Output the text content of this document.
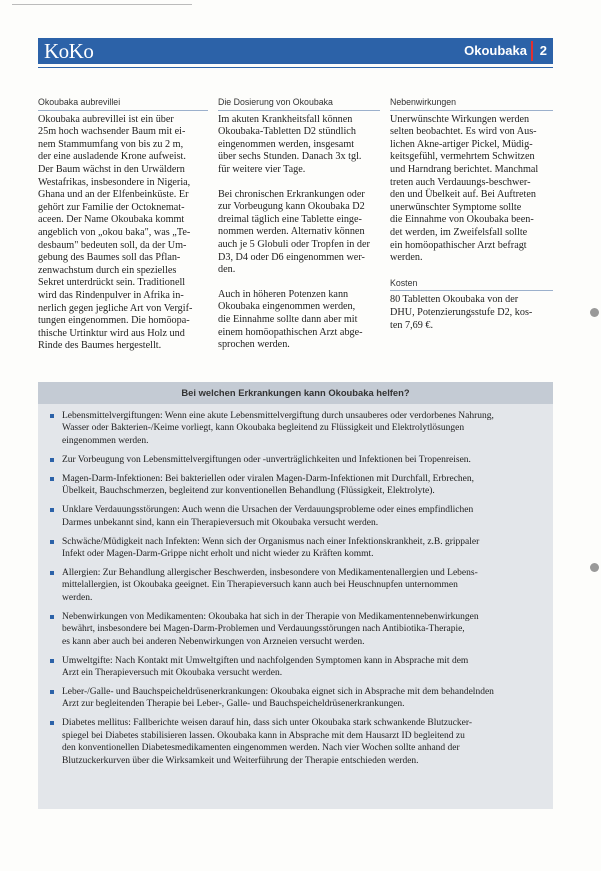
KoKo	Okoubaka 2
Okoubaka aubrevillei

Okoubaka aubrevillei ist ein über

25m hoch wachsender Baum mit ei-

nem Stammumfang von bis zu 2 m,

der eine ausladende Krone aufweist.

Der Baum wächst in den Urwäldern

Westafrikas, insbesondere in Nigeria,

Ghana und an der Elfenbeinküste. Er

gehört zur Familie der Octoknemat-

aceen. Der Name Okoubaka kommt

angeblich von „okou baka", was „Te-

desbaum" bedeuten soll, da der Um-

gebung des Baumes soll das Pflan-

zenwachstum durch ein spezielles

Sekret unterdrückt sein. Traditionell

wird das Rindenpulver in Afrika in-

nerlich gegen jegliche Art von Vergif-

tungen eingenommen. Die homöopa-

thische Urtinktur wird aus Holz und

Rinde des Baumes hergestellt.

Die Dosierung von Okoubaka

Im akuten Krankheitsfall können

Okoubaka-Tabletten D2 stündlich

eingenommen werden, insgesamt

über sechs Stunden. Danach 3x tgl.

für weitere vier Tage.

Bei chronischen Erkrankungen oder

zur Vorbeugung kann Okoubaka D2

dreimal täglich eine Tablette einge-

nommen werden. Alternativ können

auch je 5 Globuli oder Tropfen in der

D3, D4 oder D6 eingenommen wer-

den.

Auch in höheren Potenzen kann

Okoubaka eingenommen werden,

die Einnahme sollte dann aber mit

einem homöopathischen Arzt abge-

sprochen werden.

Nebenwirkungen

Unerwünschte Wirkungen werden

selten beobachtet. Es wird von Aus-

lichen Akne-artiger Pickel, Müdig-

keitsgefühl, vermehrtem Schwitzen

und Harndrang berichtet. Manchmal

treten auch Verdauungs-beschwer-

den und Übelkeit auf. Bei Auftreten

unerwünschter Symptome sollte

die Einnahme von Okoubaka been-

det werden, im Zweifelsfall sollte

ein homöopathischer Arzt befragt

werden.

Kosten

80 Tabletten Okoubaka von der

DHU, Potenzierungsstufe D2, kos-

ten 7,69 €.

Bei welchen Erkrankungen kann Okoubaka helfen?

Lebensmittelvergiftungen: Wenn eine akute Lebensmittelvergiftung durch unsauberes oder verdorbenes Nahrung,

Wasser oder Bakterien-/Keime vorliegt, kann Okoubaka begleitend zu Flüssigkeit und Elektrolytlösungen

eingenommen werden.

Zur Vorbeugung von Lebensmittelvergiftungen oder -unverträglichkeiten und Infektionen bei Tropenreisen.

Magen-Darm-Infektionen: Bei bakteriellen oder viralen Magen-Darm-Infektionen mit Durchfall, Erbrechen,

Übelkeit, Bauchschmerzen, begleitend zur konventionellen Behandlung (Flüssigkeit, Elektrolyte).

Unklare Verdauungsstörungen: Auch wenn die Ursachen der Verdauungsprobleme oder eines empfindlichen

Darmes unbekannt sind, kann ein Therapieversuch mit Okoubaka versucht werden.

Schwäche/Müdigkeit nach Infekten: Wenn sich der Organismus nach einer Infektionskrankheit, z.B. grippaler

Infekt oder Magen-Darm-Grippe nicht erholt und nicht wieder zu Kräften kommt.

Allergien: Zur Behandlung allergischer Beschwerden, insbesondere von Medikamentenallergien und Lebens-

mittelallergien, ist Okoubaka geeignet. Ein Therapieversuch kann auch bei Heuschnupfen unternommen

werden.

Nebenwirkungen von Medikamenten: Okoubaka hat sich in der Therapie von Medikamentennebenwirkungen

bewährt, insbesondere bei Magen-Darm-Problemen und Verdauungsstörungen nach Antibiotika-Therapie,

es kann aber auch bei anderen Nebenwirkungen von Arzneien versucht werden.

Umweltgifte: Nach Kontakt mit Umweltgiften und nachfolgenden Symptomen kann in Absprache mit dem

Arzt ein Therapieversuch mit Okoubaka versucht werden.

Leber-/Galle- und Bauchspeicheldrüsenerkrankungen: Okoubaka eignet sich in Absprache mit dem behandelnden

Arzt zur begleitenden Therapie bei Leber-, Galle- und Bauchspeicheldrüsenerkrankungen.

Diabetes mellitus: Fallberichte weisen darauf hin, dass sich unter Okoubaka stark schwankende Blutzucker-

spiegel bei Diabetes stabilisieren lassen. Okoubaka kann in Absprache mit dem Hausarzt ID begleitend zu

den konventionellen Diabetesmedikamenten eingenommen werden. Nach vier Wochen sollte anhand der

Blutzuckerkurven über die Wirksamkeit und Weiterführung der Therapie entschieden werden.
